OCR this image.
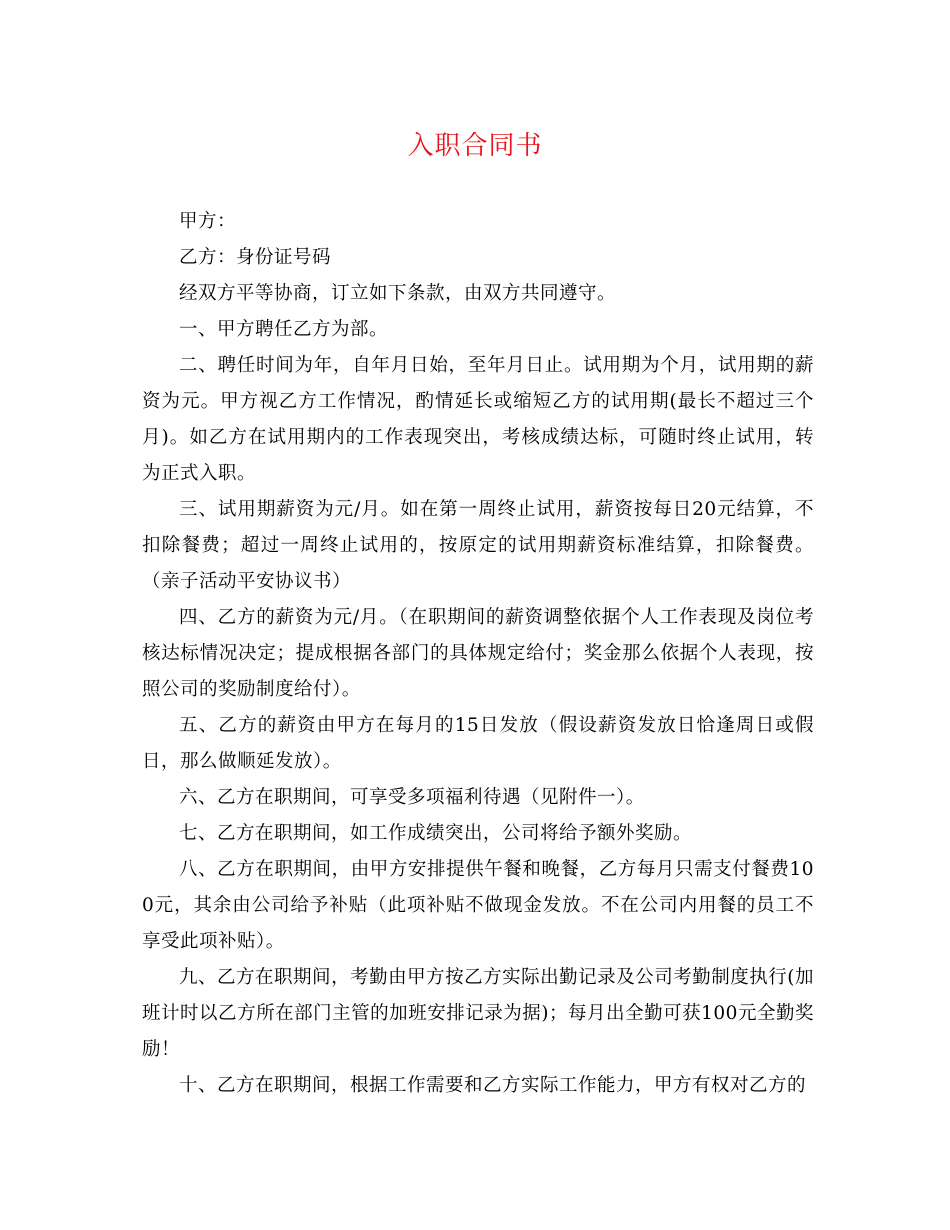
入职合同书

甲方：

乙方：身份证号码

经双方平等协商，订立如下条款，由双方共同遵守。

一、甲方聘任乙方为部。

二、聘任时间为年，自年月日始，至年月日止。试用期为个月，试用期的薪资为元。甲方视乙方工作情况，酌情延长或缩短乙方的试用期(最长不超过三个月)。如乙方在试用期内的工作表现突出，考核成绩达标，可随时终止试用，转为正式入职。

三、试用期薪资为元/月。如在第一周终止试用，薪资按每日20元结算，不扣除餐费；超过一周终止试用的，按原定的试用期薪资标准结算，扣除餐费。（亲子活动平安协议书）

四、乙方的薪资为元/月。（在职期间的薪资调整依据个人工作表现及岗位考核达标情况决定；提成根据各部门的具体规定给付；奖金那么依据个人表现，按照公司的奖励制度给付）。

五、乙方的薪资由甲方在每月的15日发放（假设薪资发放日恰逢周日或假日，那么做顺延发放）。

六、乙方在职期间，可享受多项福利待遇（见附件一）。

七、乙方在职期间，如工作成绩突出，公司将给予额外奖励。

八、乙方在职期间，由甲方安排提供午餐和晚餐，乙方每月只需支付餐费100元，其余由公司给予补贴（此项补贴不做现金发放。不在公司内用餐的员工不享受此项补贴）。

九、乙方在职期间，考勤由甲方按乙方实际出勤记录及公司考勤制度执行(加班计时以乙方所在部门主管的加班安排记录为据)；每月出全勤可获100元全勤奖励！

十、乙方在职期间，根据工作需要和乙方实际工作能力，甲方有权对乙方的
